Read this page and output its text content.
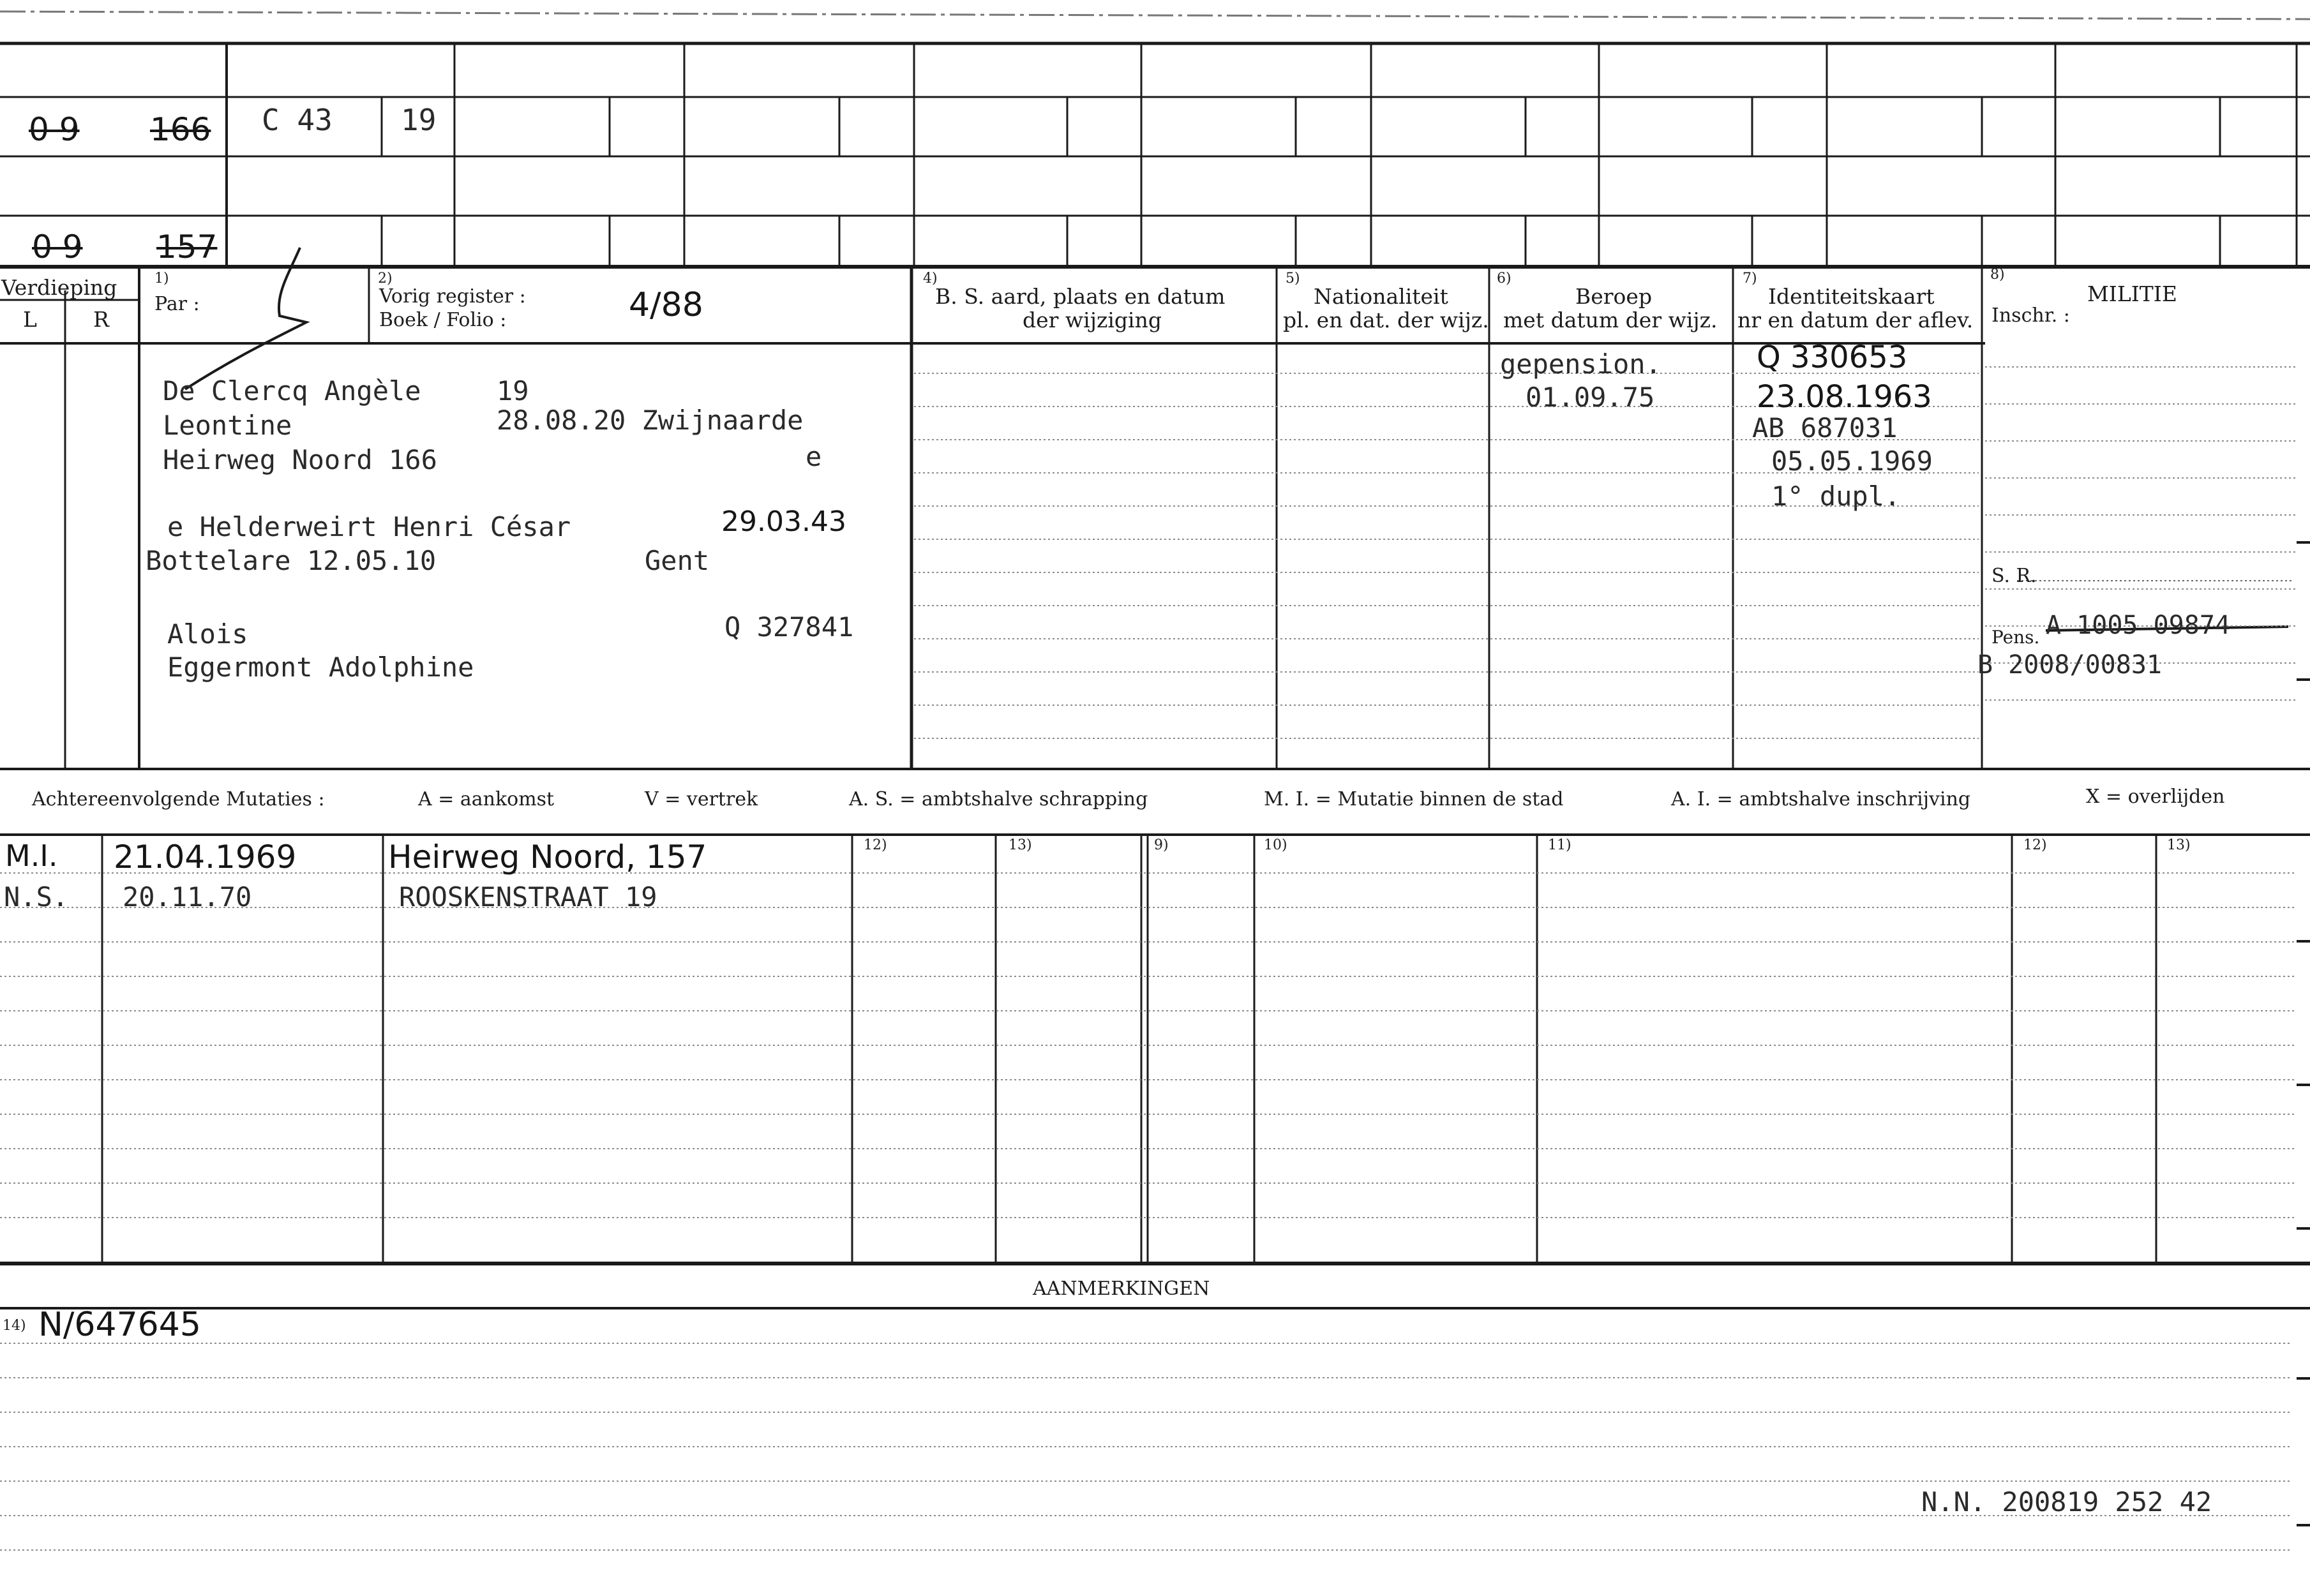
0 9 166 C 43 19
0 9 157
Verdieping
L	R
1)
Par :
2)
Vorig register :
Boek / Folio :	4/88
4)
B. S. aard, plaats en datum
der wijziging
5)
Nationaliteit
pl. en dat. der wijz.
6)
Beroep
met datum der wijz.
7)
Identiteitskaart
nr en datum der aflev.
8)
MILITIE
Inschr. :
De Clercq Angèle	19
Leontine	28.08.20 Zwijnaarde
Heirweg Noord 166	e
e Helderweirt Henri César	29.03.43
Bottelare 12.05.10	Gent
Alois	Q 327841
Eggermont Adolphine
gepension.
01.09.75
Q 330653
23.08.1963
AB 687031
05.05.1969
1° dupl.
S. R.
Pens. A 1005 09874
B 2008/00831
Achtereenvolgende Mutaties :	A = aankomst	V = vertrek	A. S. = ambtshalve schrapping	M. I. = Mutatie binnen de stad	A. I. = ambtshalve inschrijving	X = overlijden
12)	13)	9)	10)	11)	12)	13)
M.I. 21.04.1969	Heirweg Noord, 157
N.S. 20.11.70	ROOSKENSTRAAT 19
AANMERKINGEN
14) N/647645
N.N. 200819 252 42
